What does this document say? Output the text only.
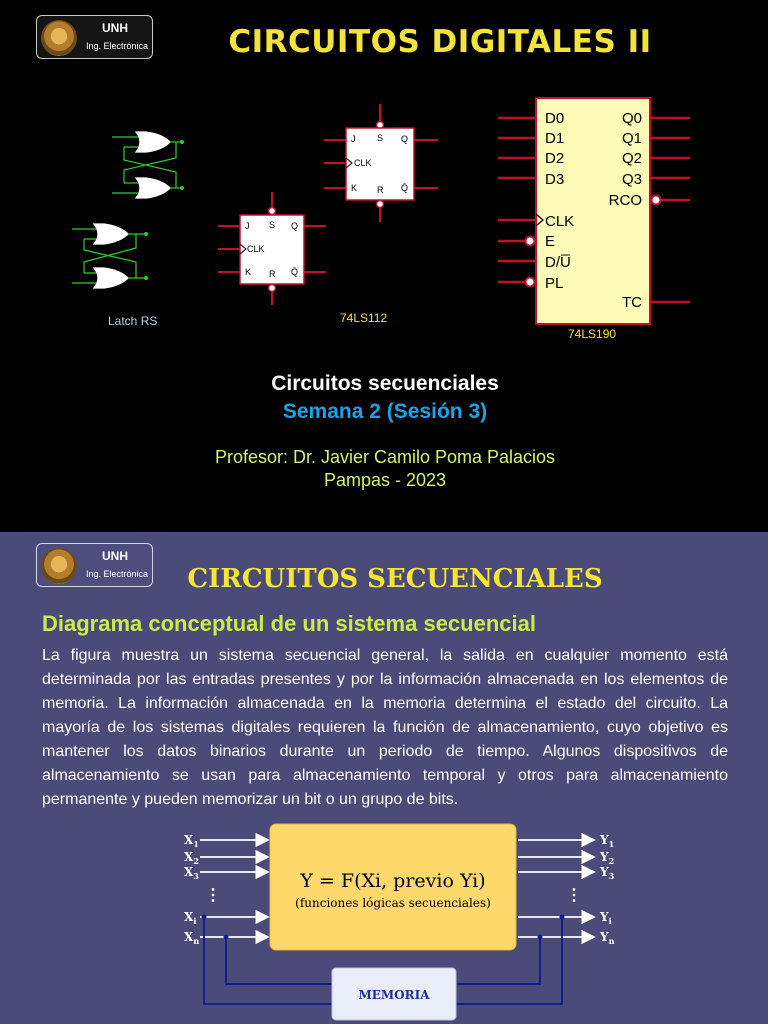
UNH
Ing. Electrónica	CIRCUITOS DIGITALES II
Latch RS
J S Q
CLK
K R Q̄
J S Q
CLK
K R Q̄
74LS112
D0
D1
D2
D3
CLK
E
D/U̅
PL
Q0
Q1
Q2
Q3
RCO
TC
74LS190
Circuitos secuenciales
Semana 2 (Sesión 3)
Profesor: Dr. Javier Camilo Poma Palacios
Pampas - 2023
UNH
Ing. Electrónica	CIRCUITOS SECUENCIALES
Diagrama conceptual de un sistema secuencial
La figura muestra un sistema secuencial general, la salida en cualquier momento está determinada por las entradas presentes y por la información almacenada en los elementos de memoria. La información almacenada en la memoria determina el estado del circuito. La mayoría de los sistemas digitales requieren la función de almacenamiento, cuyo objetivo es mantener los datos binarios durante un periodo de tiempo. Algunos dispositivos de almacenamiento se usan para almacenamiento temporal y otros para almacenamiento permanente y pueden memorizar un bit o un grupo de bits.
$X_1$
$X_2$
$X_3$
⋮
$X_i$
$X_n$
$Y_1$
$Y_2$
$Y_3$
⋮
$Y_i$
$Y_n$
Y = F(Xi, previo Yi)
(funciones lógicas secuenciales)
MEMORIA
